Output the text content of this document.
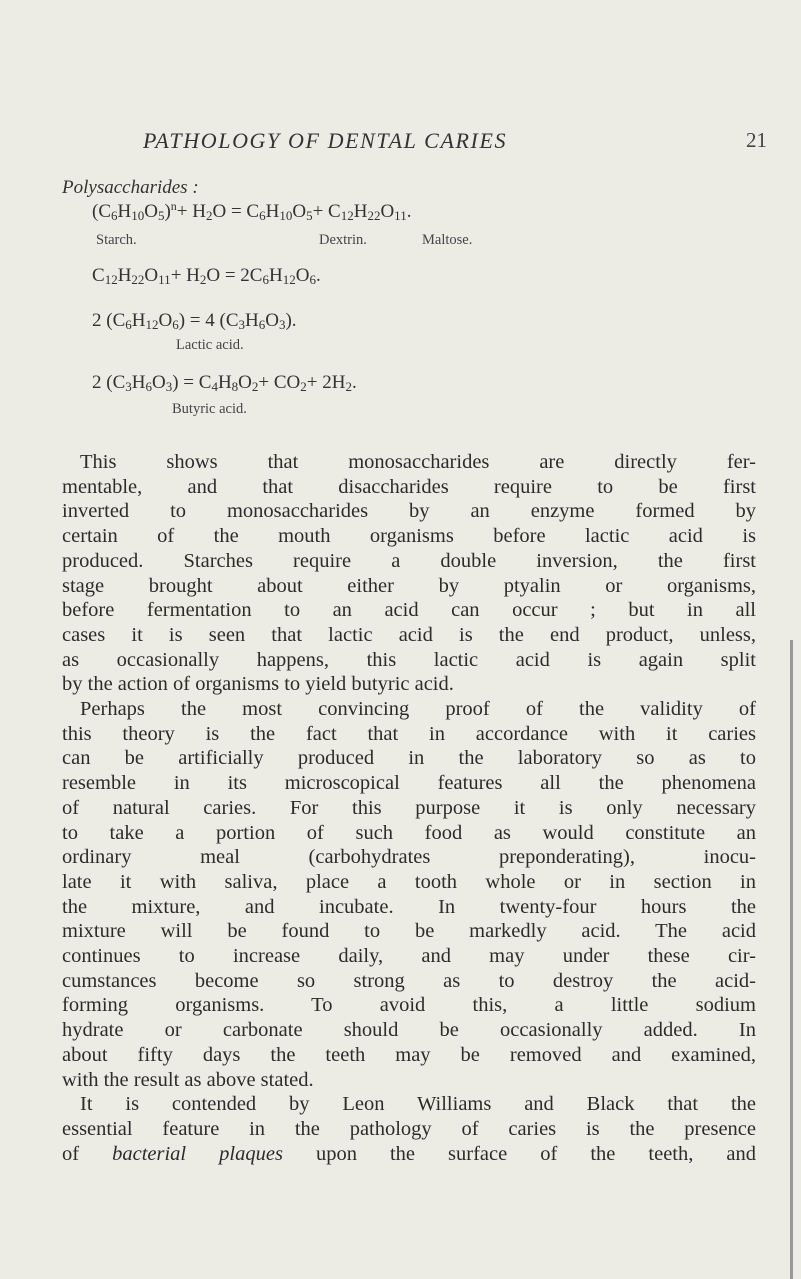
PATHOLOGY OF DENTAL CARIES	21
Polysaccharides :
$(C_6H_{10}O_5)^n+ H_2O = C_6H_{10}O_5+ C_{12}H_{22}O_{11}$.
Starch.	Dextrin.	Maltose.
$C_{12}H_{22}O_{11}+ H_2O = 2C_6H_{12}O_6$.
2 $(C_6H_{12}O_6) = 4$ $(C_3H_6O_3)$.
Lactic acid.
2 $(C_3H_6O_3) = C_4H_8O_2+ CO_2+ 2H_2$.
Butyric acid.

This shows that monosaccharides are directly fer-

mentable, and that disaccharides require to be first

inverted to monosaccharides by an enzyme formed by

certain of the mouth organisms before lactic acid is

produced. Starches require a double inversion, the first

stage brought about either by ptyalin or organisms,

before fermentation to an acid can occur ; but in all

cases it is seen that lactic acid is the end product, unless,

as occasionally happens, this lactic acid is again split

by the action of organisms to yield butyric acid.

Perhaps the most convincing proof of the validity of

this theory is the fact that in accordance with it caries

can be artificially produced in the laboratory so as to

resemble in its microscopical features all the phenomena

of natural caries. For this purpose it is only necessary

to take a portion of such food as would constitute an

ordinary meal (carbohydrates preponderating), inocu-

late it with saliva, place a tooth whole or in section in

the mixture, and incubate. In twenty-four hours the

mixture will be found to be markedly acid. The acid

continues to increase daily, and may under these cir-

cumstances become so strong as to destroy the acid-

forming organisms. To avoid this, a little sodium

hydrate or carbonate should be occasionally added. In

about fifty days the teeth may be removed and examined,

with the result as above stated.

It is contended by Leon Williams and Black that the

essential feature in the pathology of caries is the presence

of bacterial plaques upon the surface of the teeth, and
